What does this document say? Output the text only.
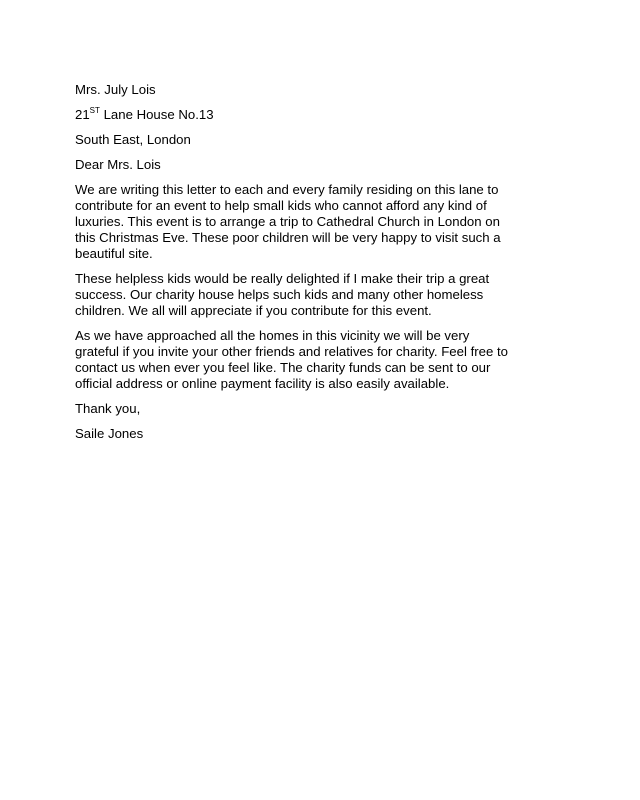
Mrs. July Lois
21ST Lane House No.13
South East, London
Dear Mrs. Lois
We are writing this letter to each and every family residing on this lane to
contribute for an event to help small kids who cannot afford any kind of
luxuries. This event is to arrange a trip to Cathedral Church in London on
this Christmas Eve. These poor children will be very happy to visit such a
beautiful site.
These helpless kids would be really delighted if I make their trip a great
success. Our charity house helps such kids and many other homeless
children. We all will appreciate if you contribute for this event.
As we have approached all the homes in this vicinity we will be very
grateful if you invite your other friends and relatives for charity. Feel free to
contact us when ever you feel like. The charity funds can be sent to our
official address or online payment facility is also easily available.
Thank you,
Saile Jones
